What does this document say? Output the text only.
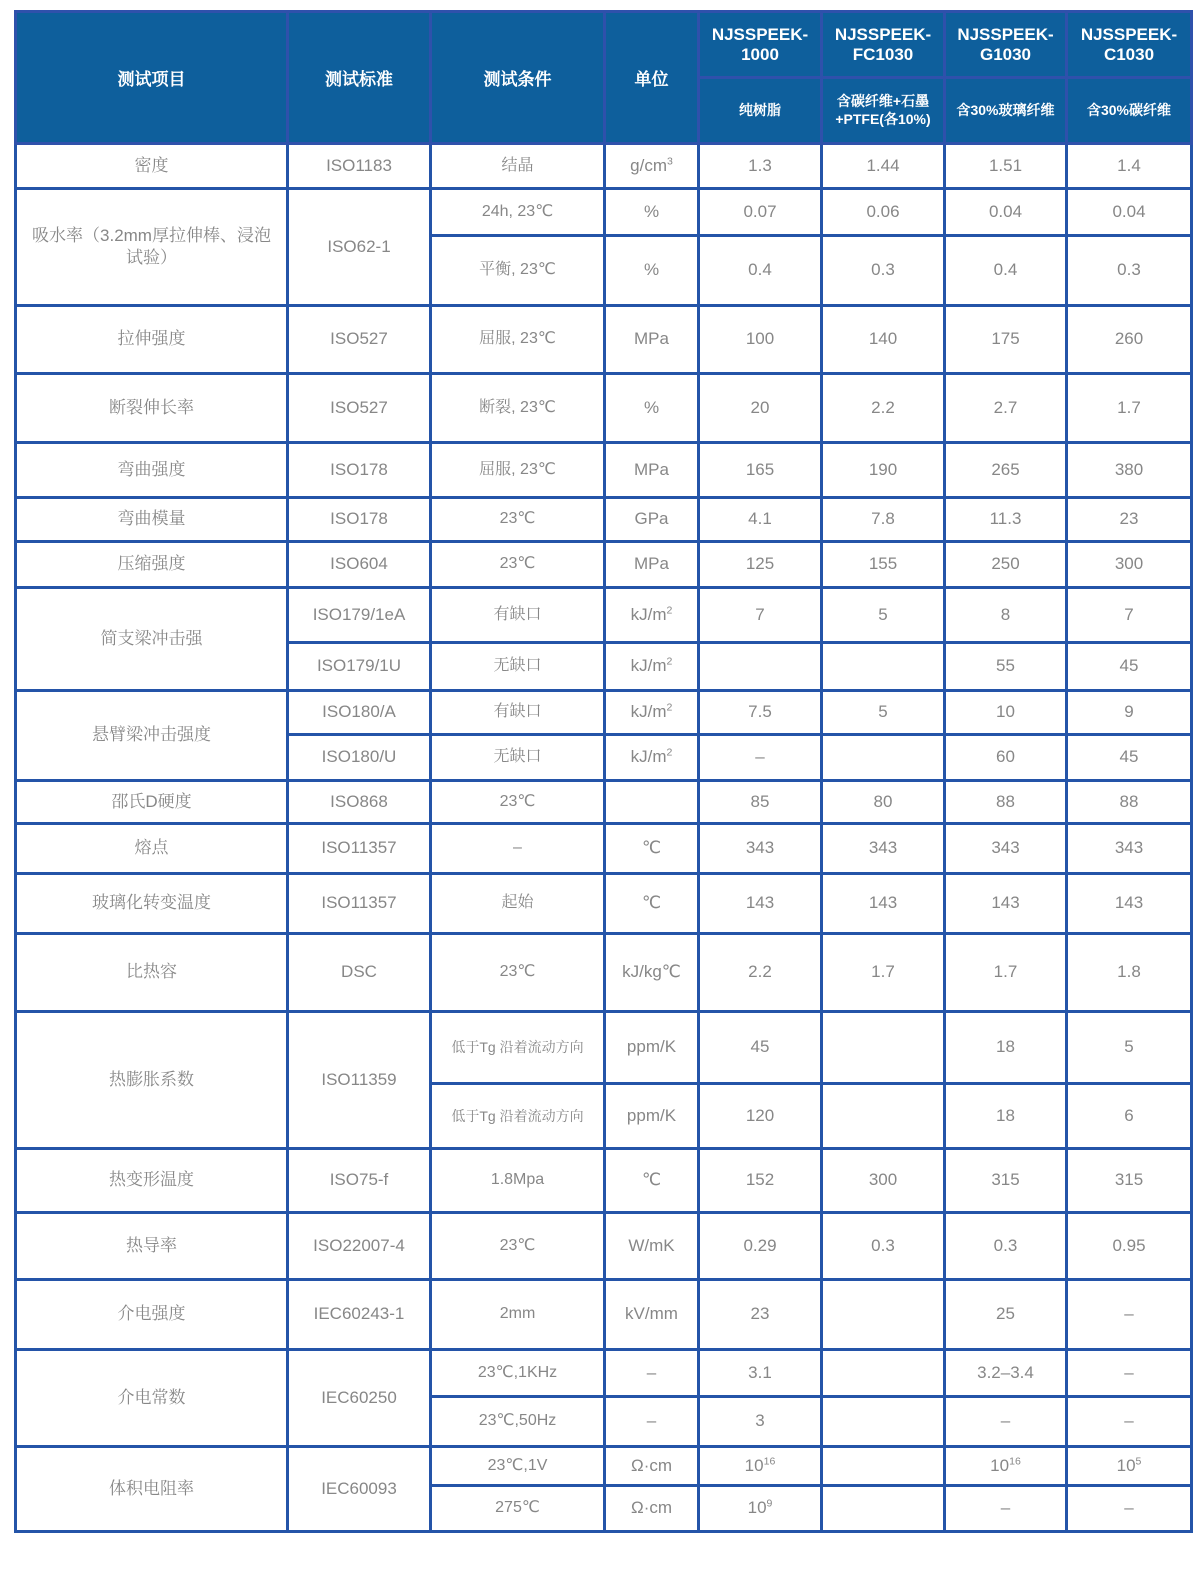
测试项目	测试标准	测试条件	单位	NJSSPEEK-1000	NJSSPEEK-FC1030	NJSSPEEK-G1030	NJSSPEEK-C1030
				纯树脂	含碳纤维+石墨+PTFE(各10%)	含30%玻璃纤维	含30%碳纤维
密度	ISO1183	结晶	$g/cm^3$	1.3	1.44	1.51	1.4
吸水率（3.2mm厚拉伸棒、浸泡试验）	ISO62-1	24h, 23℃	%	0.07	0.06	0.04	0.04
		平衡, 23℃	%	0.4	0.3	0.4	0.3
拉伸强度	ISO527	屈服, 23℃	MPa	100	140	175	260
断裂伸长率	ISO527	断裂, 23℃	%	20	2.2	2.7	1.7
弯曲强度	ISO178	屈服, 23℃	MPa	165	190	265	380
弯曲模量	ISO178	23℃	GPa	4.1	7.8	11.3	23
压缩强度	ISO604	23℃	MPa	125	155	250	300
简支梁冲击强	ISO179/1eA	有缺口	$kJ/m^2$	7	5	8	7
	ISO179/1U	无缺口	$kJ/m^2$			55	45
悬臂梁冲击强度	ISO180/A	有缺口	$kJ/m^2$	7.5	5	10	9
	ISO180/U	无缺口	$kJ/m^2$	–		60	45
邵氏D硬度	ISO868	23℃		85	80	88	88
熔点	ISO11357	–	℃	343	343	343	343
玻璃化转变温度	ISO11357	起始	℃	143	143	143	143
比热容	DSC	23℃	kJ/kg℃	2.2	1.7	1.7	1.8
热膨胀系数	ISO11359	低于Tg 沿着流动方向	ppm/K	45		18	5
		低于Tg 沿着流动方向	ppm/K	120		18	6
热变形温度	ISO75-f	1.8Mpa	℃	152	300	315	315
热导率	ISO22007-4	23℃	W/mK	0.29	0.3	0.3	0.95
介电强度	IEC60243-1	2mm	kV/mm	23		25	–
介电常数	IEC60250	23℃,1KHz	–	3.1		3.2–3.4	–
		23℃,50Hz	–	3		–	–
体积电阻率	IEC60093	23℃,1V	Ω·cm	$10^{16}$		$10^{16}$	$10^5$
		275℃	Ω·cm	$10^9$		–	–
